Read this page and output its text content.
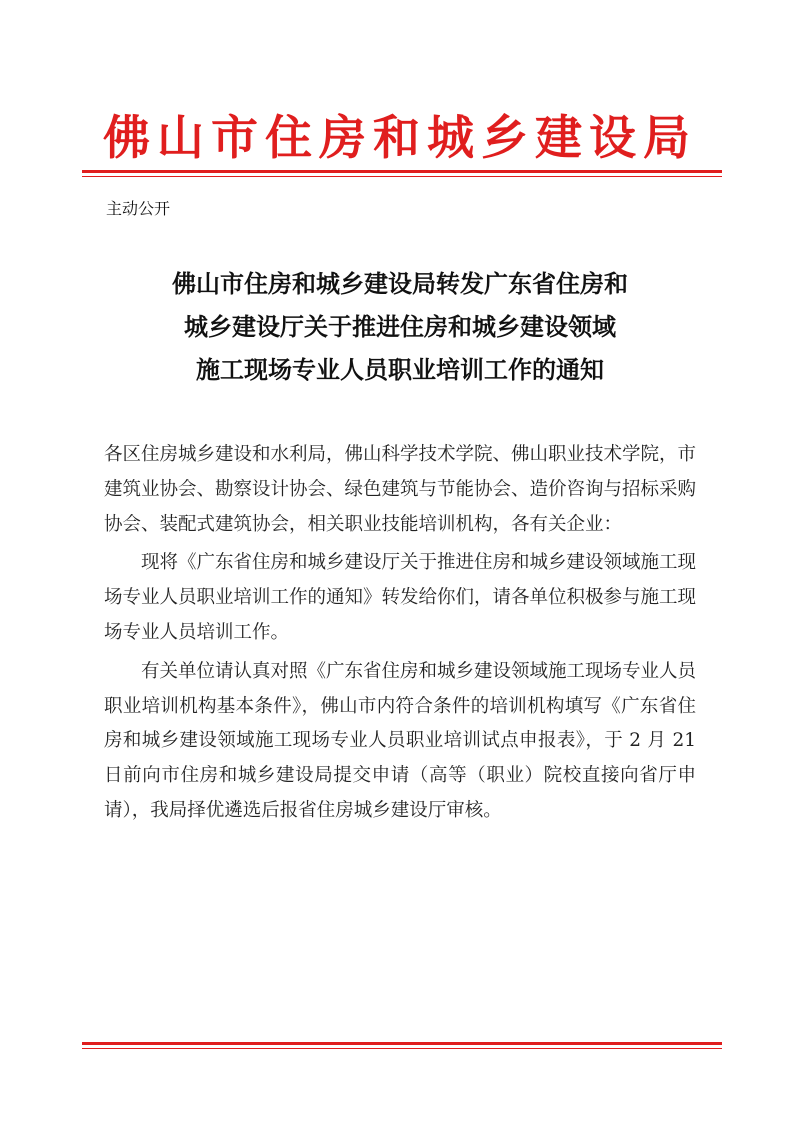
佛山市住房和城乡建设局
主动公开
佛山市住房和城乡建设局转发广东省住房和
城乡建设厅关于推进住房和城乡建设领域
施工现场专业人员职业培训工作的通知

各区住房城乡建设和水利局，佛山科学技术学院、佛山职业技术学院，市建筑业协会、勘察设计协会、绿色建筑与节能协会、造价咨询与招标采购协会、装配式建筑协会，相关职业技能培训机构，各有关企业：

现将《广东省住房和城乡建设厅关于推进住房和城乡建设领域施工现场专业人员职业培训工作的通知》转发给你们，请各单位积极参与施工现场专业人员培训工作。

有关单位请认真对照《广东省住房和城乡建设领域施工现场专业人员职业培训机构基本条件》，佛山市内符合条件的培训机构填写《广东省住房和城乡建设领域施工现场专业人员职业培训试点申报表》，于 2 月 21 日前向市住房和城乡建设局提交申请（高等（职业）院校直接向省厅申请），我局择优遴选后报省住房城乡建设厅审核。
